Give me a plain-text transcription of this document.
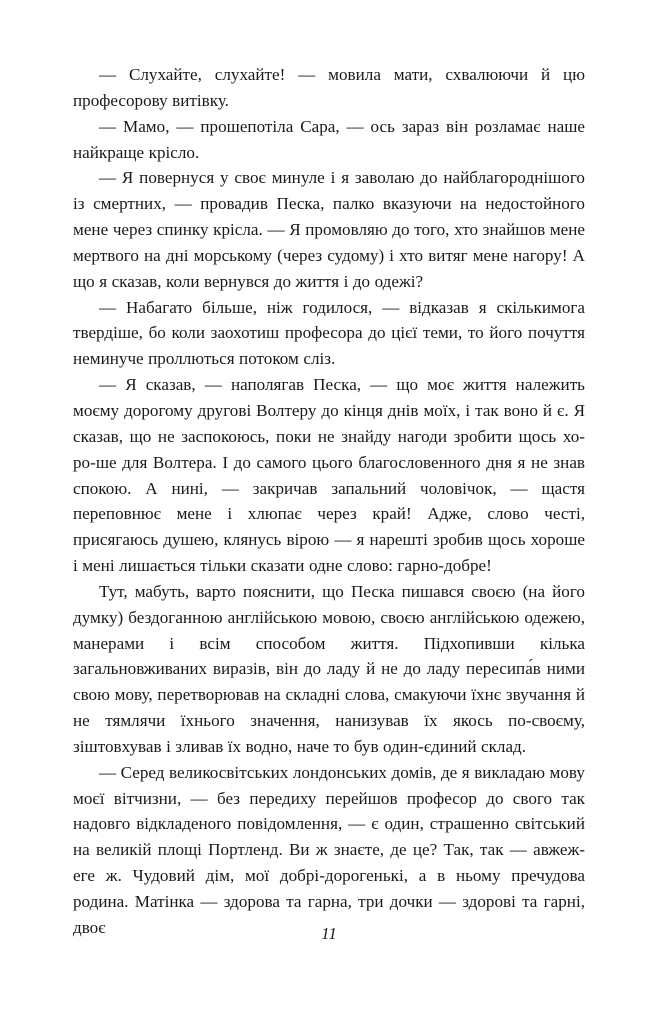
— Слухайте, слухайте! — мовила мати, схвалюючи й цю професорову витівку.

— Мамо, — прошепотіла Сара, — ось зараз він розламає наше найкраще крісло.

— Я повернуся у своє минуле і я заволаю до найблагороднішого із смертних, — провадив Песка, палко вказуючи на недостойного мене через спинку крісла. — Я промовляю до того, хто знайшов мене мертвого на дні морському (через судому) і хто витяг мене нагору! А що я сказав, коли вернувся до життя і до одежі?

— Набагато більше, ніж годилося, — відказав я скількимога твердіше, бо коли заохотиш професора до цієї теми, то його почуття неминуче проллються потоком сліз.

— Я сказав, — наполягав Песка, — що моє життя належить моєму дорогому другові Волтеру до кінця днів моїх, і так воно й є. Я сказав, що не заспокоюсь, поки не знайду нагоди зробити щось хо-ро-ше для Волтера. І до самого цього благословенного дня я не знав спокою. А нині, — закричав запальний чоловічок, — щастя переповнює мене і хлюпає через край! Адже, слово честі, присягаюсь душею, клянусь вірою — я нарешті зробив щось хороше і мені лишається тільки сказати одне слово: гарно-добре!

Тут, мабуть, варто пояснити, що Песка пишався своєю (на його думку) бездоганною англійською мовою, своєю англійською одежею, манерами і всім способом життя. Підхопивши кілька загальновживаних виразів, він до ладу й не до ладу пересипа́в ними свою мову, перетворював на складні слова, смакуючи їхнє звучання й не тямлячи їхнього значення, нанизував їх якось по-своєму, зіштовхував і зливав їх водно, наче то був один-єдиний склад.

— Серед великосвітських лондонських домів, де я викладаю мову моєї вітчизни, — без передиху перейшов професор до свого так надовго відкладеного повідомлення, — є один, страшенно світський на великій площі Портленд. Ви ж знаєте, де це? Так, так — авжеж-еге ж. Чудовий дім, мої добрі-дорогенькі, а в ньому пречудова родина. Матінка — здорова та гарна, три дочки — здорові та гарні, двоє	11
